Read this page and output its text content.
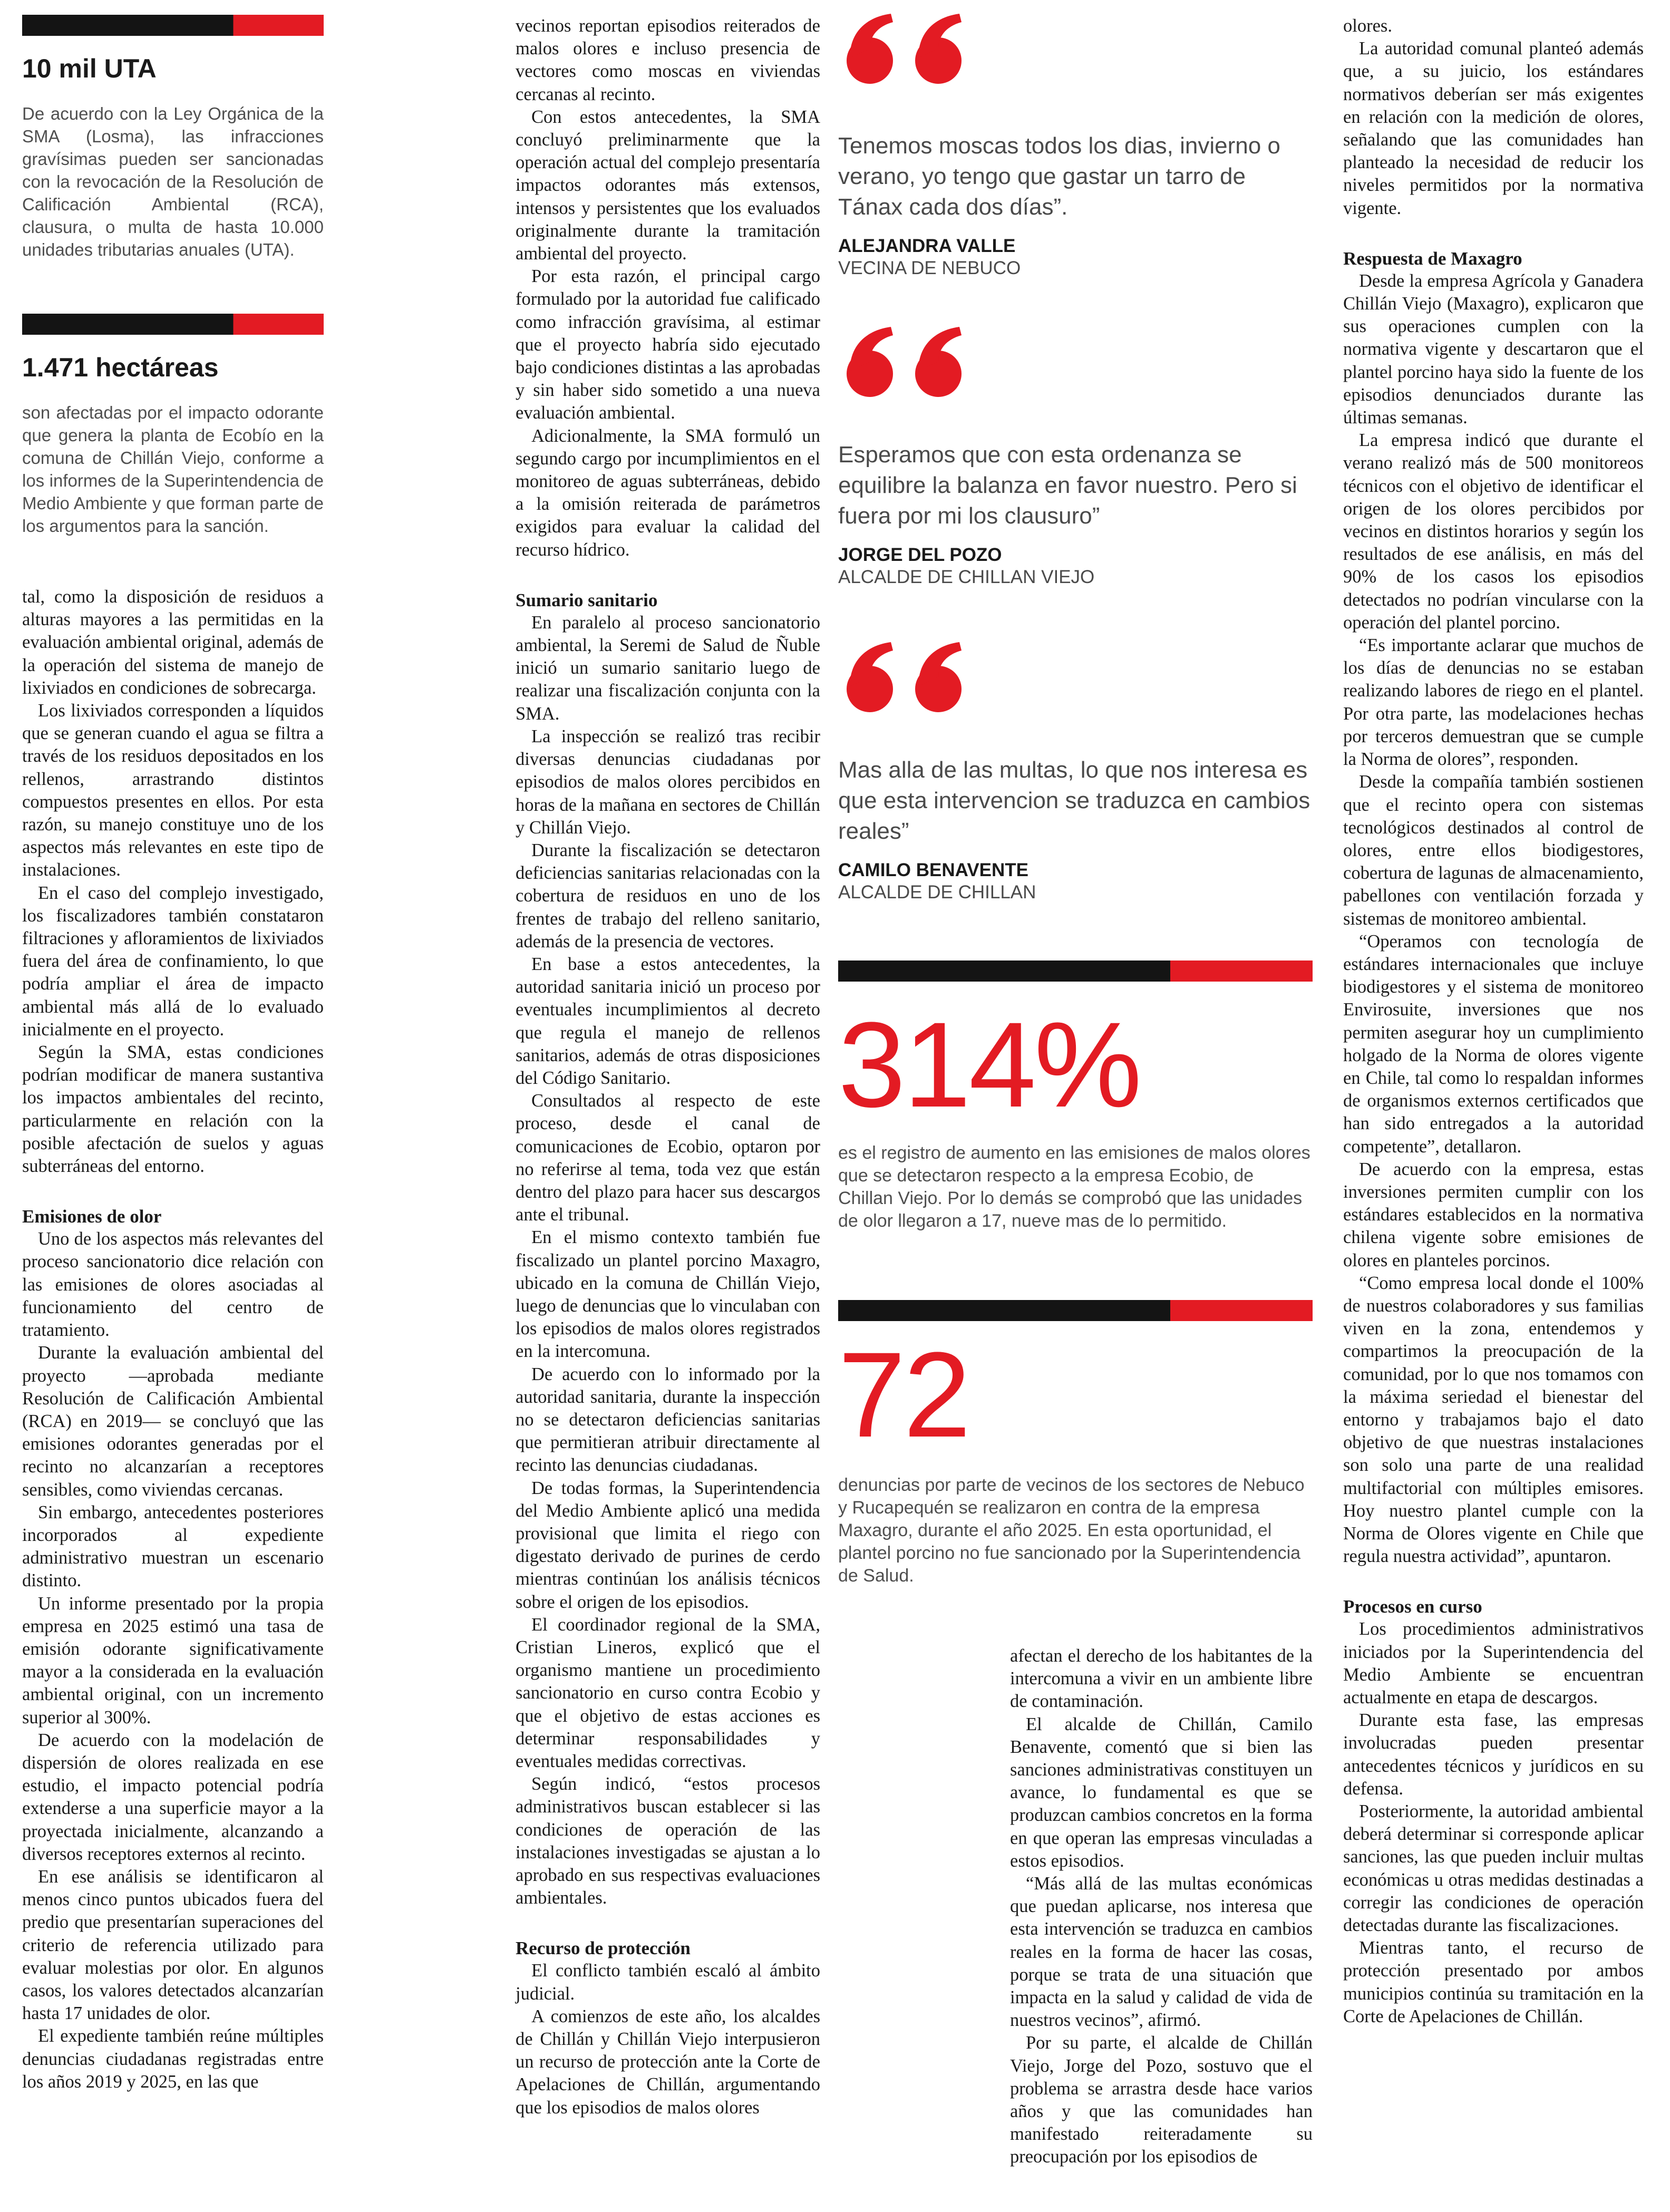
10 mil UTA

De acuerdo con la Ley Orgánica de la SMA (Losma), las infracciones gravísimas pueden ser sancionadas con la revocación de la Resolución de Calificación Ambiental (RCA), clausura, o multa de hasta 10.000 unidades tributarias anuales (UTA).

1.471 hectáreas

son afectadas por el impacto odorante que genera la planta de Ecobío en la comuna de Chillán Viejo, conforme a los informes de la Superintendencia de Medio Ambiente y que forman parte de los argumentos para la sanción.

tal, como la disposición de residuos a alturas mayores a las permitidas en la evaluación ambiental original, además de la operación del sistema de manejo de lixiviados en condiciones de sobrecarga.

Los lixiviados corresponden a líquidos que se generan cuando el agua se filtra a través de los residuos depositados en los rellenos, arrastrando distintos compuestos presentes en ellos. Por esta razón, su manejo constituye uno de los aspectos más relevantes en este tipo de instalaciones.

En el caso del complejo investigado, los fiscalizadores también constataron filtraciones y afloramientos de lixiviados fuera del área de confinamiento, lo que podría ampliar el área de impacto ambiental más allá de lo evaluado inicialmente en el proyecto.

Según la SMA, estas condiciones podrían modificar de manera sustantiva los impactos ambientales del recinto, particularmente en relación con la posible afectación de suelos y aguas subterráneas del entorno.

Emisiones de olor

Uno de los aspectos más relevantes del proceso sancionatorio dice relación con las emisiones de olores asociadas al funcionamiento del centro de tratamiento.

Durante la evaluación ambiental del proyecto —aprobada mediante Resolución de Calificación Ambiental (RCA) en 2019— se concluyó que las emisiones odorantes generadas por el recinto no alcanzarían a receptores sensibles, como viviendas cercanas.

Sin embargo, antecedentes posteriores incorporados al expediente administrativo muestran un escenario distinto.

Un informe presentado por la propia empresa en 2025 estimó una tasa de emisión odorante significativamente mayor a la considerada en la evaluación ambiental original, con un incremento superior al 300%.

De acuerdo con la modelación de dispersión de olores realizada en ese estudio, el impacto potencial podría extenderse a una superficie mayor a la proyectada inicialmente, alcanzando a diversos receptores externos al recinto.

En ese análisis se identificaron al menos cinco puntos ubicados fuera del predio que presentarían superaciones del criterio de referencia utilizado para evaluar molestias por olor. En algunos casos, los valores detectados alcanzarían hasta 17 unidades de olor.

El expediente también reúne múltiples denuncias ciudadanas registradas entre los años 2019 y 2025, en las que

vecinos reportan episodios reiterados de malos olores e incluso presencia de vectores como moscas en viviendas cercanas al recinto.

Con estos antecedentes, la SMA concluyó preliminarmente que la operación actual del complejo presentaría impactos odorantes más extensos, intensos y persistentes que los evaluados originalmente durante la tramitación ambiental del proyecto.

Por esta razón, el principal cargo formulado por la autoridad fue calificado como infracción gravísima, al estimar que el proyecto habría sido ejecutado bajo condiciones distintas a las aprobadas y sin haber sido sometido a una nueva evaluación ambiental.

Adicionalmente, la SMA formuló un segundo cargo por incumplimientos en el monitoreo de aguas subterráneas, debido a la omisión reiterada de parámetros exigidos para evaluar la calidad del recurso hídrico.

Sumario sanitario

En paralelo al proceso sancionatorio ambiental, la Seremi de Salud de Ñuble inició un sumario sanitario luego de realizar una fiscalización conjunta con la SMA.

La inspección se realizó tras recibir diversas denuncias ciudadanas por episodios de malos olores percibidos en horas de la mañana en sectores de Chillán y Chillán Viejo.

Durante la fiscalización se detectaron deficiencias sanitarias relacionadas con la cobertura de residuos en uno de los frentes de trabajo del relleno sanitario, además de la presencia de vectores.

En base a estos antecedentes, la autoridad sanitaria inició un proceso por eventuales incumplimientos al decreto que regula el manejo de rellenos sanitarios, además de otras disposiciones del Código Sanitario.

Consultados al respecto de este proceso, desde el canal de comunicaciones de Ecobio, optaron por no referirse al tema, toda vez que están dentro del plazo para hacer sus descargos ante el tribunal.

En el mismo contexto también fue fiscalizado un plantel porcino Maxagro, ubicado en la comuna de Chillán Viejo, luego de denuncias que lo vinculaban con los episodios de malos olores registrados en la intercomuna.

De acuerdo con lo informado por la autoridad sanitaria, durante la inspección no se detectaron deficiencias sanitarias que permitieran atribuir directamente al recinto las denuncias ciudadanas.

De todas formas, la Superintendencia del Medio Ambiente aplicó una medida provisional que limita el riego con digestato derivado de purines de cerdo mientras continúan los análisis técnicos sobre el origen de los episodios.

El coordinador regional de la SMA, Cristian Lineros, explicó que el organismo mantiene un procedimiento sancionatorio en curso contra Ecobio y que el objetivo de estas acciones es determinar responsabilidades y eventuales medidas correctivas.

Según indicó, “estos procesos administrativos buscan establecer si las condiciones de operación de las instalaciones investigadas se ajustan a lo aprobado en sus respectivas evaluaciones ambientales.

Recurso de protección

El conflicto también escaló al ámbito judicial.

A comienzos de este año, los alcaldes de Chillán y Chillán Viejo interpusieron un recurso de protección ante la Corte de Apelaciones de Chillán, argumentando que los episodios de malos olores

Tenemos moscas todos los dias, invierno o verano, yo tengo que gastar un tarro de Tánax cada dos días”.

ALEJANDRA VALLE

VECINA DE NEBUCO

Esperamos que con esta ordenanza se equilibre la balanza en favor nuestro. Pero si fuera por mi los clausuro”

JORGE DEL POZO

ALCALDE DE CHILLAN VIEJO

Mas alla de las multas, lo que nos interesa es que esta intervencion se traduzca en cambios reales”

CAMILO BENAVENTE

ALCALDE DE CHILLAN

314%

es el registro de aumento en las emisiones de malos olores que se detectaron respecto a la empresa Ecobio, de Chillan Viejo. Por lo demás se comprobó que las unidades de olor llegaron a 17, nueve mas de lo permitido.

72

denuncias por parte de vecinos de los sectores de Nebuco y Rucapequén se realizaron en contra de la empresa Maxagro, durante el año 2025. En esta oportunidad, el plantel porcino no fue sancionado por la Superintendencia de Salud.

afectan el derecho de los habitantes de la intercomuna a vivir en un ambiente libre de contaminación.

El alcalde de Chillán, Camilo Benavente, comentó que si bien las sanciones administrativas constituyen un avance, lo fundamental es que se produzcan cambios concretos en la forma en que operan las empresas vinculadas a estos episodios.

“Más allá de las multas económicas que puedan aplicarse, nos interesa que esta intervención se traduzca en cambios reales en la forma de hacer las cosas, porque se trata de una situación que impacta en la salud y calidad de vida de nuestros vecinos”, afirmó.

Por su parte, el alcalde de Chillán Viejo, Jorge del Pozo, sostuvo que el problema se arrastra desde hace varios años y que las comunidades han manifestado reiteradamente su preocupación por los episodios de

olores.

La autoridad comunal planteó además que, a su juicio, los estándares normativos deberían ser más exigentes en relación con la medición de olores, señalando que las comunidades han planteado la necesidad de reducir los niveles permitidos por la normativa vigente.

Respuesta de Maxagro

Desde la empresa Agrícola y Ganadera Chillán Viejo (Maxagro), explicaron que sus operaciones cumplen con la normativa vigente y descartaron que el plantel porcino haya sido la fuente de los episodios denunciados durante las últimas semanas.

La empresa indicó que durante el verano realizó más de 500 monitoreos técnicos con el objetivo de identificar el origen de los olores percibidos por vecinos en distintos horarios y según los resultados de ese análisis, en más del 90% de los casos los episodios detectados no podrían vincularse con la operación del plantel porcino.

“Es importante aclarar que muchos de los días de denuncias no se estaban realizando labores de riego en el plantel. Por otra parte, las modelaciones hechas por terceros demuestran que se cumple la Norma de olores”, responden.

Desde la compañía también sostienen que el recinto opera con sistemas tecnológicos destinados al control de olores, entre ellos biodigestores, cobertura de lagunas de almacenamiento, pabellones con ventilación forzada y sistemas de monitoreo ambiental.

“Operamos con tecnología de estándares internacionales que incluye biodigestores y el sistema de monitoreo Envirosuite, inversiones que nos permiten asegurar hoy un cumplimiento holgado de la Norma de olores vigente en Chile, tal como lo respaldan informes de organismos externos certificados que han sido entregados a la autoridad competente”, detallaron.

De acuerdo con la empresa, estas inversiones permiten cumplir con los estándares establecidos en la normativa chilena vigente sobre emisiones de olores en planteles porcinos.

“Como empresa local donde el 100% de nuestros colaboradores y sus familias viven en la zona, entendemos y compartimos la preocupación de la comunidad, por lo que nos tomamos con la máxima seriedad el bienestar del entorno y trabajamos bajo el dato objetivo de que nuestras instalaciones son solo una parte de una realidad multifactorial con múltiples emisores. Hoy nuestro plantel cumple con la Norma de Olores vigente en Chile que regula nuestra actividad”, apuntaron.

Procesos en curso

Los procedimientos administrativos iniciados por la Superintendencia del Medio Ambiente se encuentran actualmente en etapa de descargos.

Durante esta fase, las empresas involucradas pueden presentar antecedentes técnicos y jurídicos en su defensa.

Posteriormente, la autoridad ambiental deberá determinar si corresponde aplicar sanciones, las que pueden incluir multas económicas u otras medidas destinadas a corregir las condiciones de operación detectadas durante las fiscalizaciones.

Mientras tanto, el recurso de protección presentado por ambos municipios continúa su tramitación en la Corte de Apelaciones de Chillán.
